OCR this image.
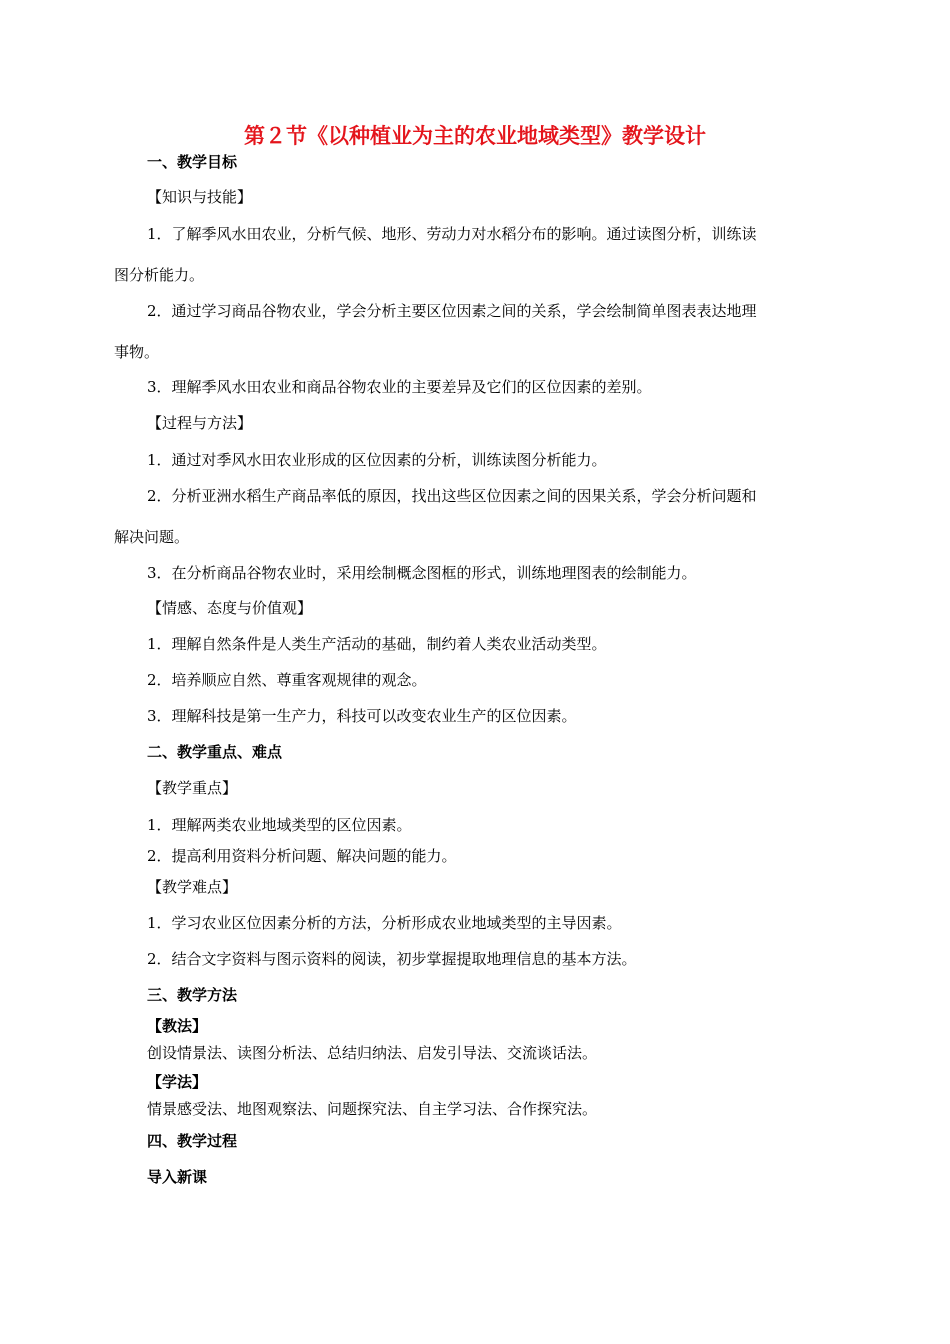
第２节《以种植业为主的农业地域类型》教学设计

一、教学目标

【知识与技能】

1．了解季风水田农业，分析气候、地形、劳动力对水稻分布的影响。通过读图分析，训练读

图分析能力。

2．通过学习商品谷物农业，学会分析主要区位因素之间的关系，学会绘制简单图表表达地理

事物。

3．理解季风水田农业和商品谷物农业的主要差异及它们的区位因素的差别。

【过程与方法】

1．通过对季风水田农业形成的区位因素的分析，训练读图分析能力。

2．分析亚洲水稻生产商品率低的原因，找出这些区位因素之间的因果关系，学会分析问题和

解决问题。

3．在分析商品谷物农业时，采用绘制概念图框的形式，训练地理图表的绘制能力。

【情感、态度与价值观】

1．理解自然条件是人类生产活动的基础，制约着人类农业活动类型。

2．培养顺应自然、尊重客观规律的观念。

3．理解科技是第一生产力，科技可以改变农业生产的区位因素。

二、教学重点、难点

【教学重点】

1．理解两类农业地域类型的区位因素。

2．提高利用资料分析问题、解决问题的能力。

【教学难点】

1．学习农业区位因素分析的方法，分析形成农业地域类型的主导因素。

2．结合文字资料与图示资料的阅读，初步掌握提取地理信息的基本方法。

三、教学方法

【教法】

创设情景法、读图分析法、总结归纳法、启发引导法、交流谈话法。

【学法】

情景感受法、地图观察法、问题探究法、自主学习法、合作探究法。

四、教学过程

导入新课
